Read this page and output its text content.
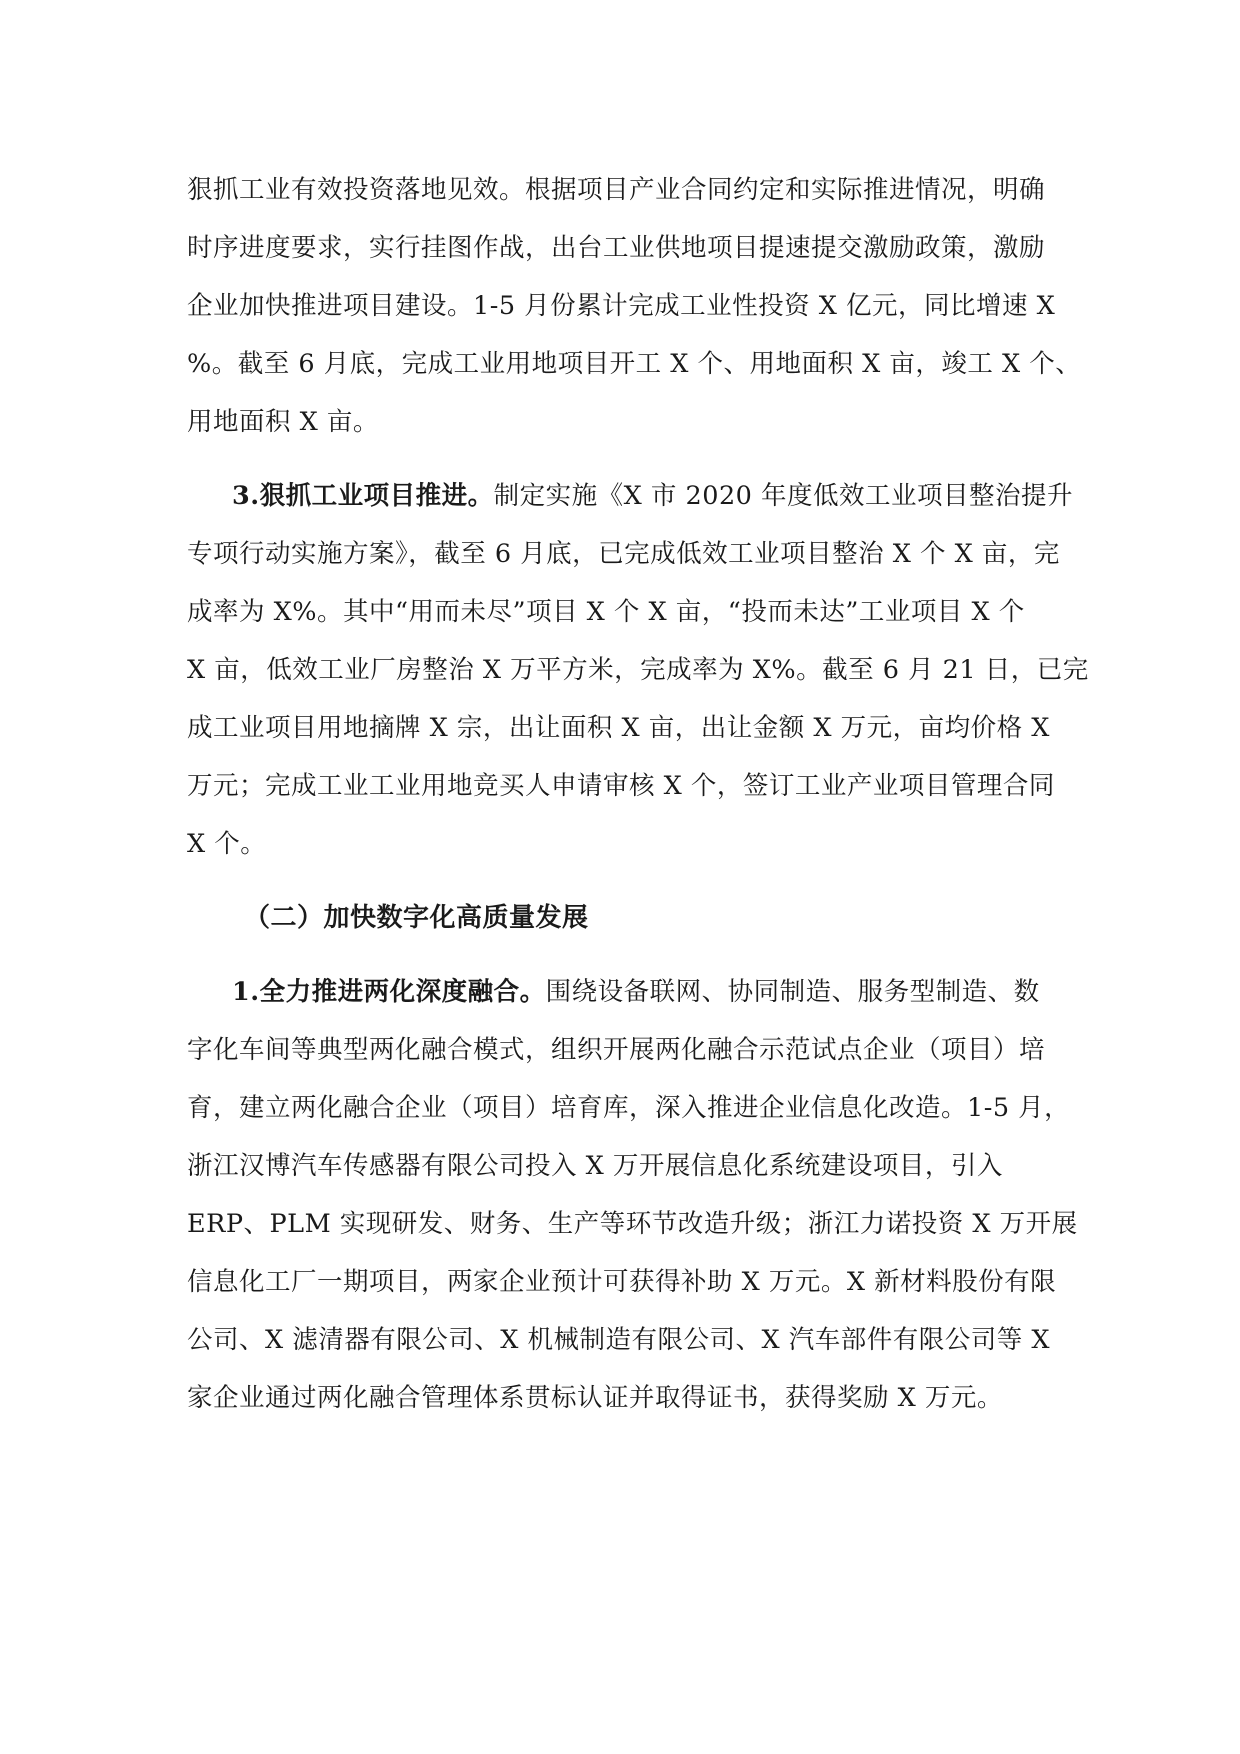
狠抓工业有效投资落地见效。根据项目产业合同约定和实际推进情况，明确
时序进度要求，实行挂图作战，出台工业供地项目提速提交激励政策，激励
企业加快推进项目建设。1-5 月份累计完成工业性投资 X 亿元，同比增速 X
%。截至 6 月底，完成工业用地项目开工 X 个、用地面积 X 亩，竣工 X 个、
用地面积 X 亩。
3.狠抓工业项目推进。制定实施《X 市 2020 年度低效工业项目整治提升
专项行动实施方案》，截至 6 月底，已完成低效工业项目整治 X 个 X 亩，完
成率为 X%。其中“用而未尽”项目 X 个 X 亩，“投而未达”工业项目 X 个
X 亩，低效工业厂房整治 X 万平方米，完成率为 X%。截至 6 月 21 日，已完
成工业项目用地摘牌 X 宗，出让面积 X 亩，出让金额 X 万元，亩均价格 X
万元；完成工业工业用地竞买人申请审核 X 个，签订工业产业项目管理合同
X 个。
（二）加快数字化高质量发展
1.全力推进两化深度融合。围绕设备联网、协同制造、服务型制造、数
字化车间等典型两化融合模式，组织开展两化融合示范试点企业（项目）培
育，建立两化融合企业（项目）培育库，深入推进企业信息化改造。1-5 月，
浙江汉博汽车传感器有限公司投入 X 万开展信息化系统建设项目，引入
ERP、PLM 实现研发、财务、生产等环节改造升级；浙江力诺投资 X 万开展
信息化工厂一期项目，两家企业预计可获得补助 X 万元。X 新材料股份有限
公司、X 滤清器有限公司、X 机械制造有限公司、X 汽车部件有限公司等 X
家企业通过两化融合管理体系贯标认证并取得证书，获得奖励 X 万元。
